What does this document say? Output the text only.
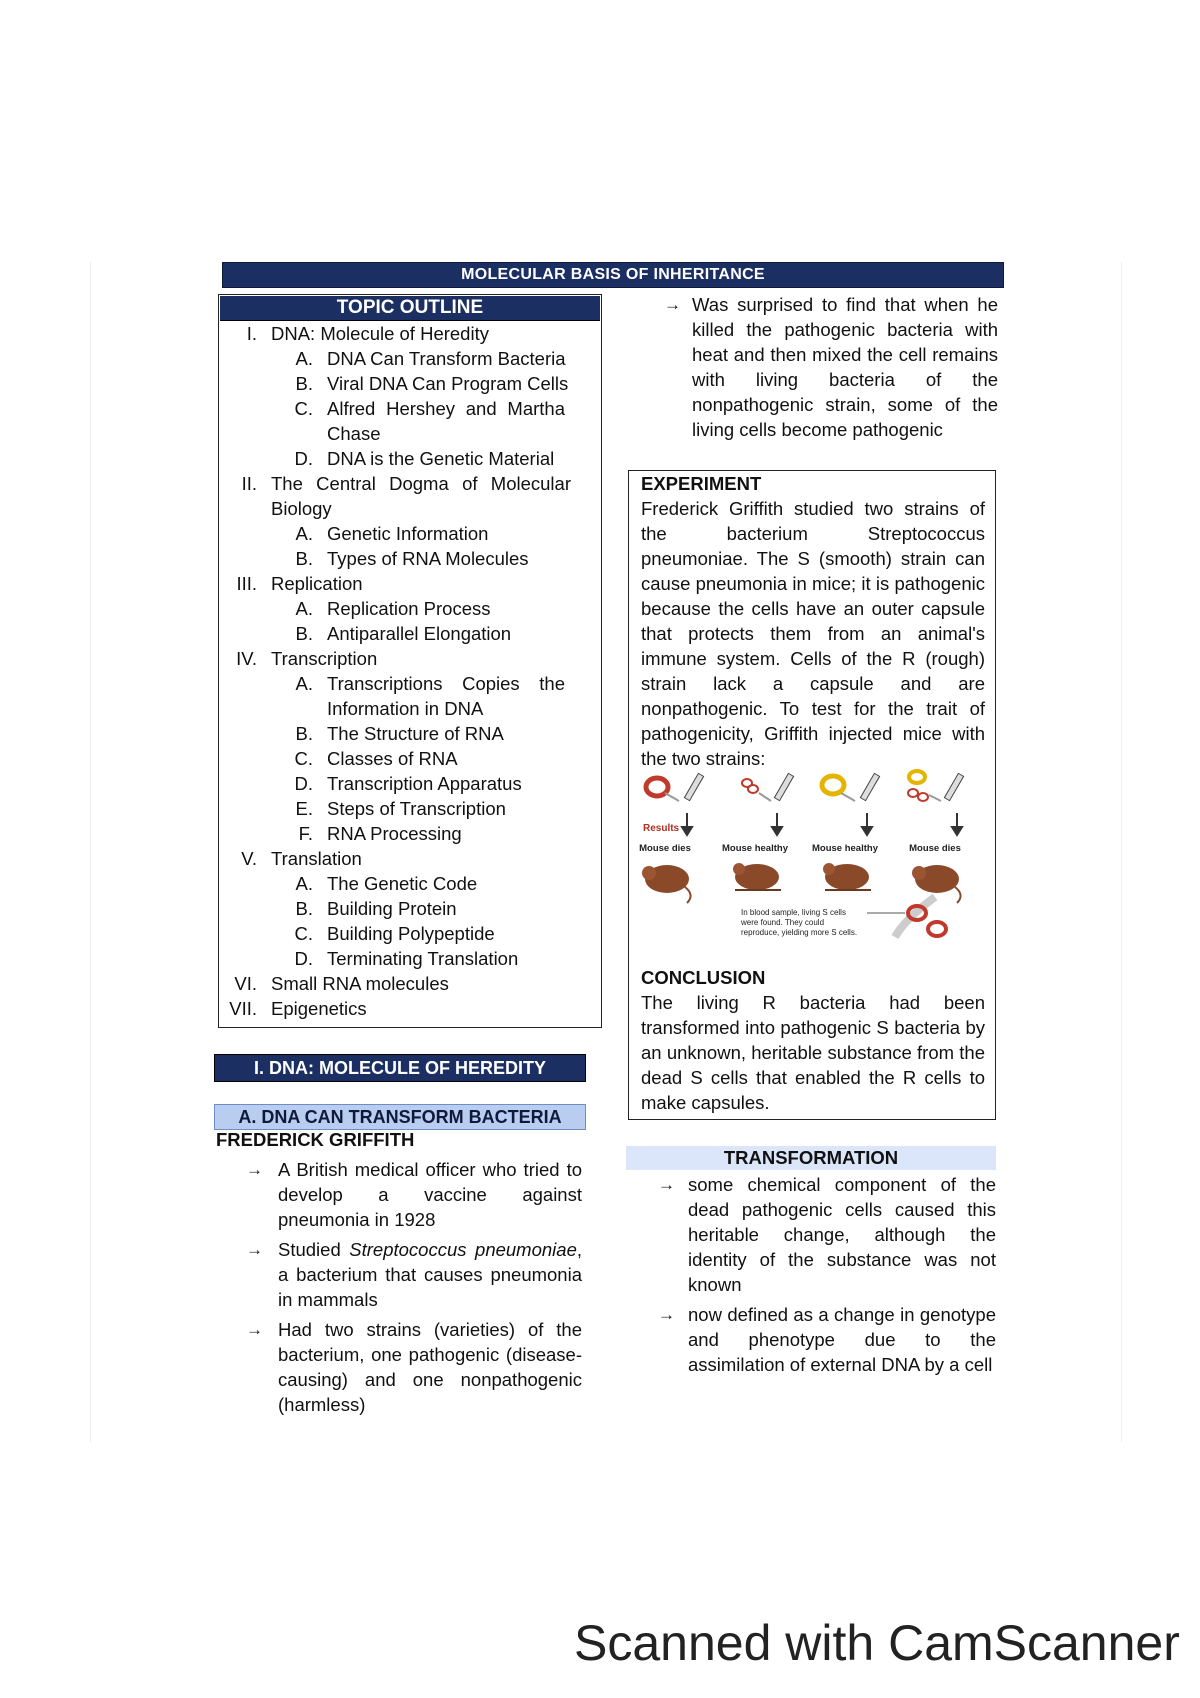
MOLECULAR BASIS OF INHERITANCE
TOPIC OUTLINE
I. DNA: Molecule of Heredity
A. DNA Can Transform Bacteria
B. Viral DNA Can Program Cells
C. Alfred Hershey and Martha Chase
D. DNA is the Genetic Material
II. The Central Dogma of Molecular Biology
A. Genetic Information
B. Types of RNA Molecules
III. Replication
A. Replication Process
B. Antiparallel Elongation
IV. Transcription
A. Transcriptions Copies the Information in DNA
B. The Structure of RNA
C. Classes of RNA
D. Transcription Apparatus
E. Steps of Transcription
F. RNA Processing
V. Translation
A. The Genetic Code
B. Building Protein
C. Building Polypeptide
D. Terminating Translation
VI. Small RNA molecules
VII. Epigenetics
I. DNA: MOLECULE OF HEREDITY
A. DNA CAN TRANSFORM BACTERIA
FREDERICK GRIFFITH
→ A British medical officer who tried to develop a vaccine against pneumonia in 1928
→ Studied Streptococcus pneumoniae, a bacterium that causes pneumonia in mammals
→ Had two strains (varieties) of the bacterium, one pathogenic (disease-causing) and one nonpathogenic (harmless)
→ Was surprised to find that when he killed the pathogenic bacteria with heat and then mixed the cell remains with living bacteria of the nonpathogenic strain, some of the living cells become pathogenic
EXPERIMENT
Frederick Griffith studied two strains of the bacterium Streptococcus pneumoniae. The S (smooth) strain can cause pneumonia in mice; it is pathogenic because the cells have an outer capsule that protects them from an animal's immune system. Cells of the R (rough) strain lack a capsule and are nonpathogenic. To test for the trait of pathogenicity, Griffith injected mice with the two strains:
Results
Mouse dies	Mouse healthy	Mouse healthy	Mouse dies
In blood sample, living S cells
were found. They could
reproduce, yielding more S cells.
CONCLUSION
The living R bacteria had been transformed into pathogenic S bacteria by an unknown, heritable substance from the dead S cells that enabled the R cells to make capsules.
TRANSFORMATION
→ some chemical component of the dead pathogenic cells caused this heritable change, although the identity of the substance was not known
→ now defined as a change in genotype and phenotype due to the assimilation of external DNA by a cell
Scanned with CamScanner
